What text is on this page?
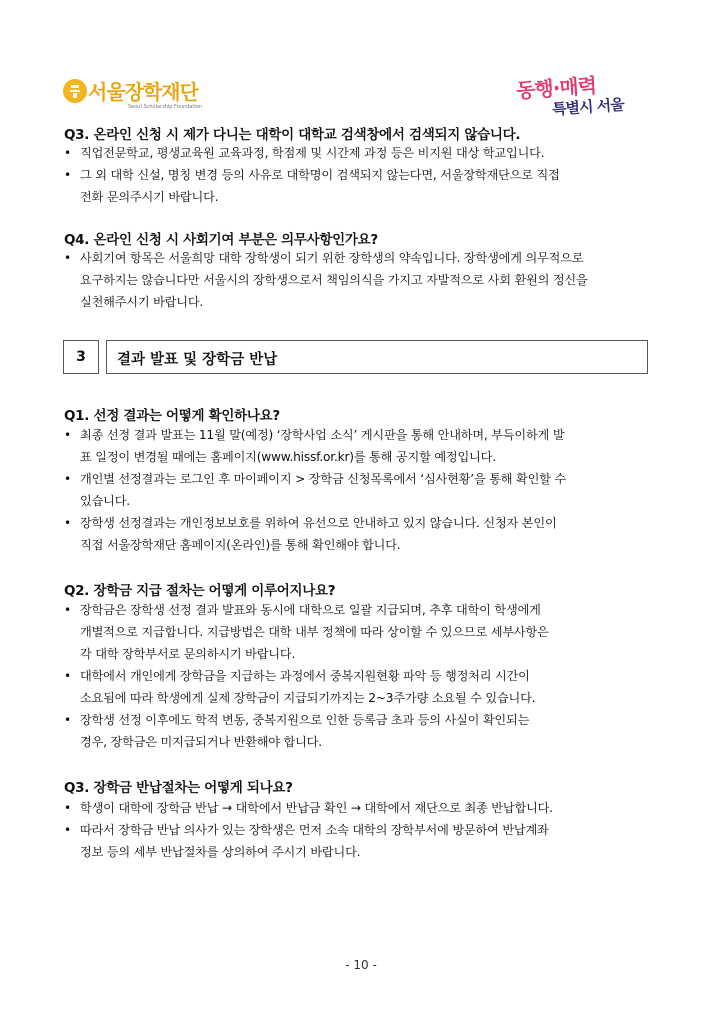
서울장학재단
Seoul Scholarship Foundation
동행·매력
특별시 서울
Q3. 온라인 신청 시 제가 다니는 대학이 대학교 검색창에서 검색되지 않습니다.
• 직업전문학교, 평생교육원 교육과정, 학점제 및 시간제 과정 등은 비지원 대상 학교입니다.
• 그 외 대학 신설, 명칭 변경 등의 사유로 대학명이 검색되지 않는다면, 서울장학재단으로 직접
전화 문의주시기 바랍니다.
Q4. 온라인 신청 시 사회기여 부분은 의무사항인가요?
• 사회기여 항목은 서울희망 대학 장학생이 되기 위한 장학생의 약속입니다. 장학생에게 의무적으로
요구하지는 않습니다만 서울시의 장학생으로서 책임의식을 가지고 자발적으로 사회 환원의 정신을
실천해주시기 바랍니다.
3	결과 발표 및 장학금 반납
Q1. 선정 결과는 어떻게 확인하나요?
• 최종 선정 결과 발표는 11월 말(예정) ‘장학사업 소식’ 게시판을 통해 안내하며, 부득이하게 발
표 일정이 변경될 때에는 홈페이지(www.hissf.or.kr)를 통해 공지할 예정입니다.
• 개인별 선정결과는 로그인 후 마이페이지 > 장학금 신청목록에서 ‘심사현황’을 통해 확인할 수
있습니다.
• 장학생 선정결과는 개인정보보호를 위하여 유선으로 안내하고 있지 않습니다. 신청자 본인이
직접 서울장학재단 홈페이지(온라인)를 통해 확인해야 합니다.
Q2. 장학금 지급 절차는 어떻게 이루어지나요?
• 장학금은 장학생 선정 결과 발표와 동시에 대학으로 일괄 지급되며, 추후 대학이 학생에게
개별적으로 지급합니다. 지급방법은 대학 내부 정책에 따라 상이할 수 있으므로 세부사항은
각 대학 장학부서로 문의하시기 바랍니다.
• 대학에서 개인에게 장학금을 지급하는 과정에서 중복지원현황 파악 등 행정처리 시간이
소요됨에 따라 학생에게 실제 장학금이 지급되기까지는 2~3주가량 소요될 수 있습니다.
• 장학생 선정 이후에도 학적 변동, 중복지원으로 인한 등록금 초과 등의 사실이 확인되는
경우, 장학금은 미지급되거나 반환해야 합니다.
Q3. 장학금 반납절차는 어떻게 되나요?
• 학생이 대학에 장학금 반납 → 대학에서 반납금 확인 → 대학에서 재단으로 최종 반납합니다.
• 따라서 장학금 반납 의사가 있는 장학생은 먼저 소속 대학의 장학부서에 방문하여 반납계좌
정보 등의 세부 반납절차를 상의하여 주시기 바랍니다.
- 10 -
